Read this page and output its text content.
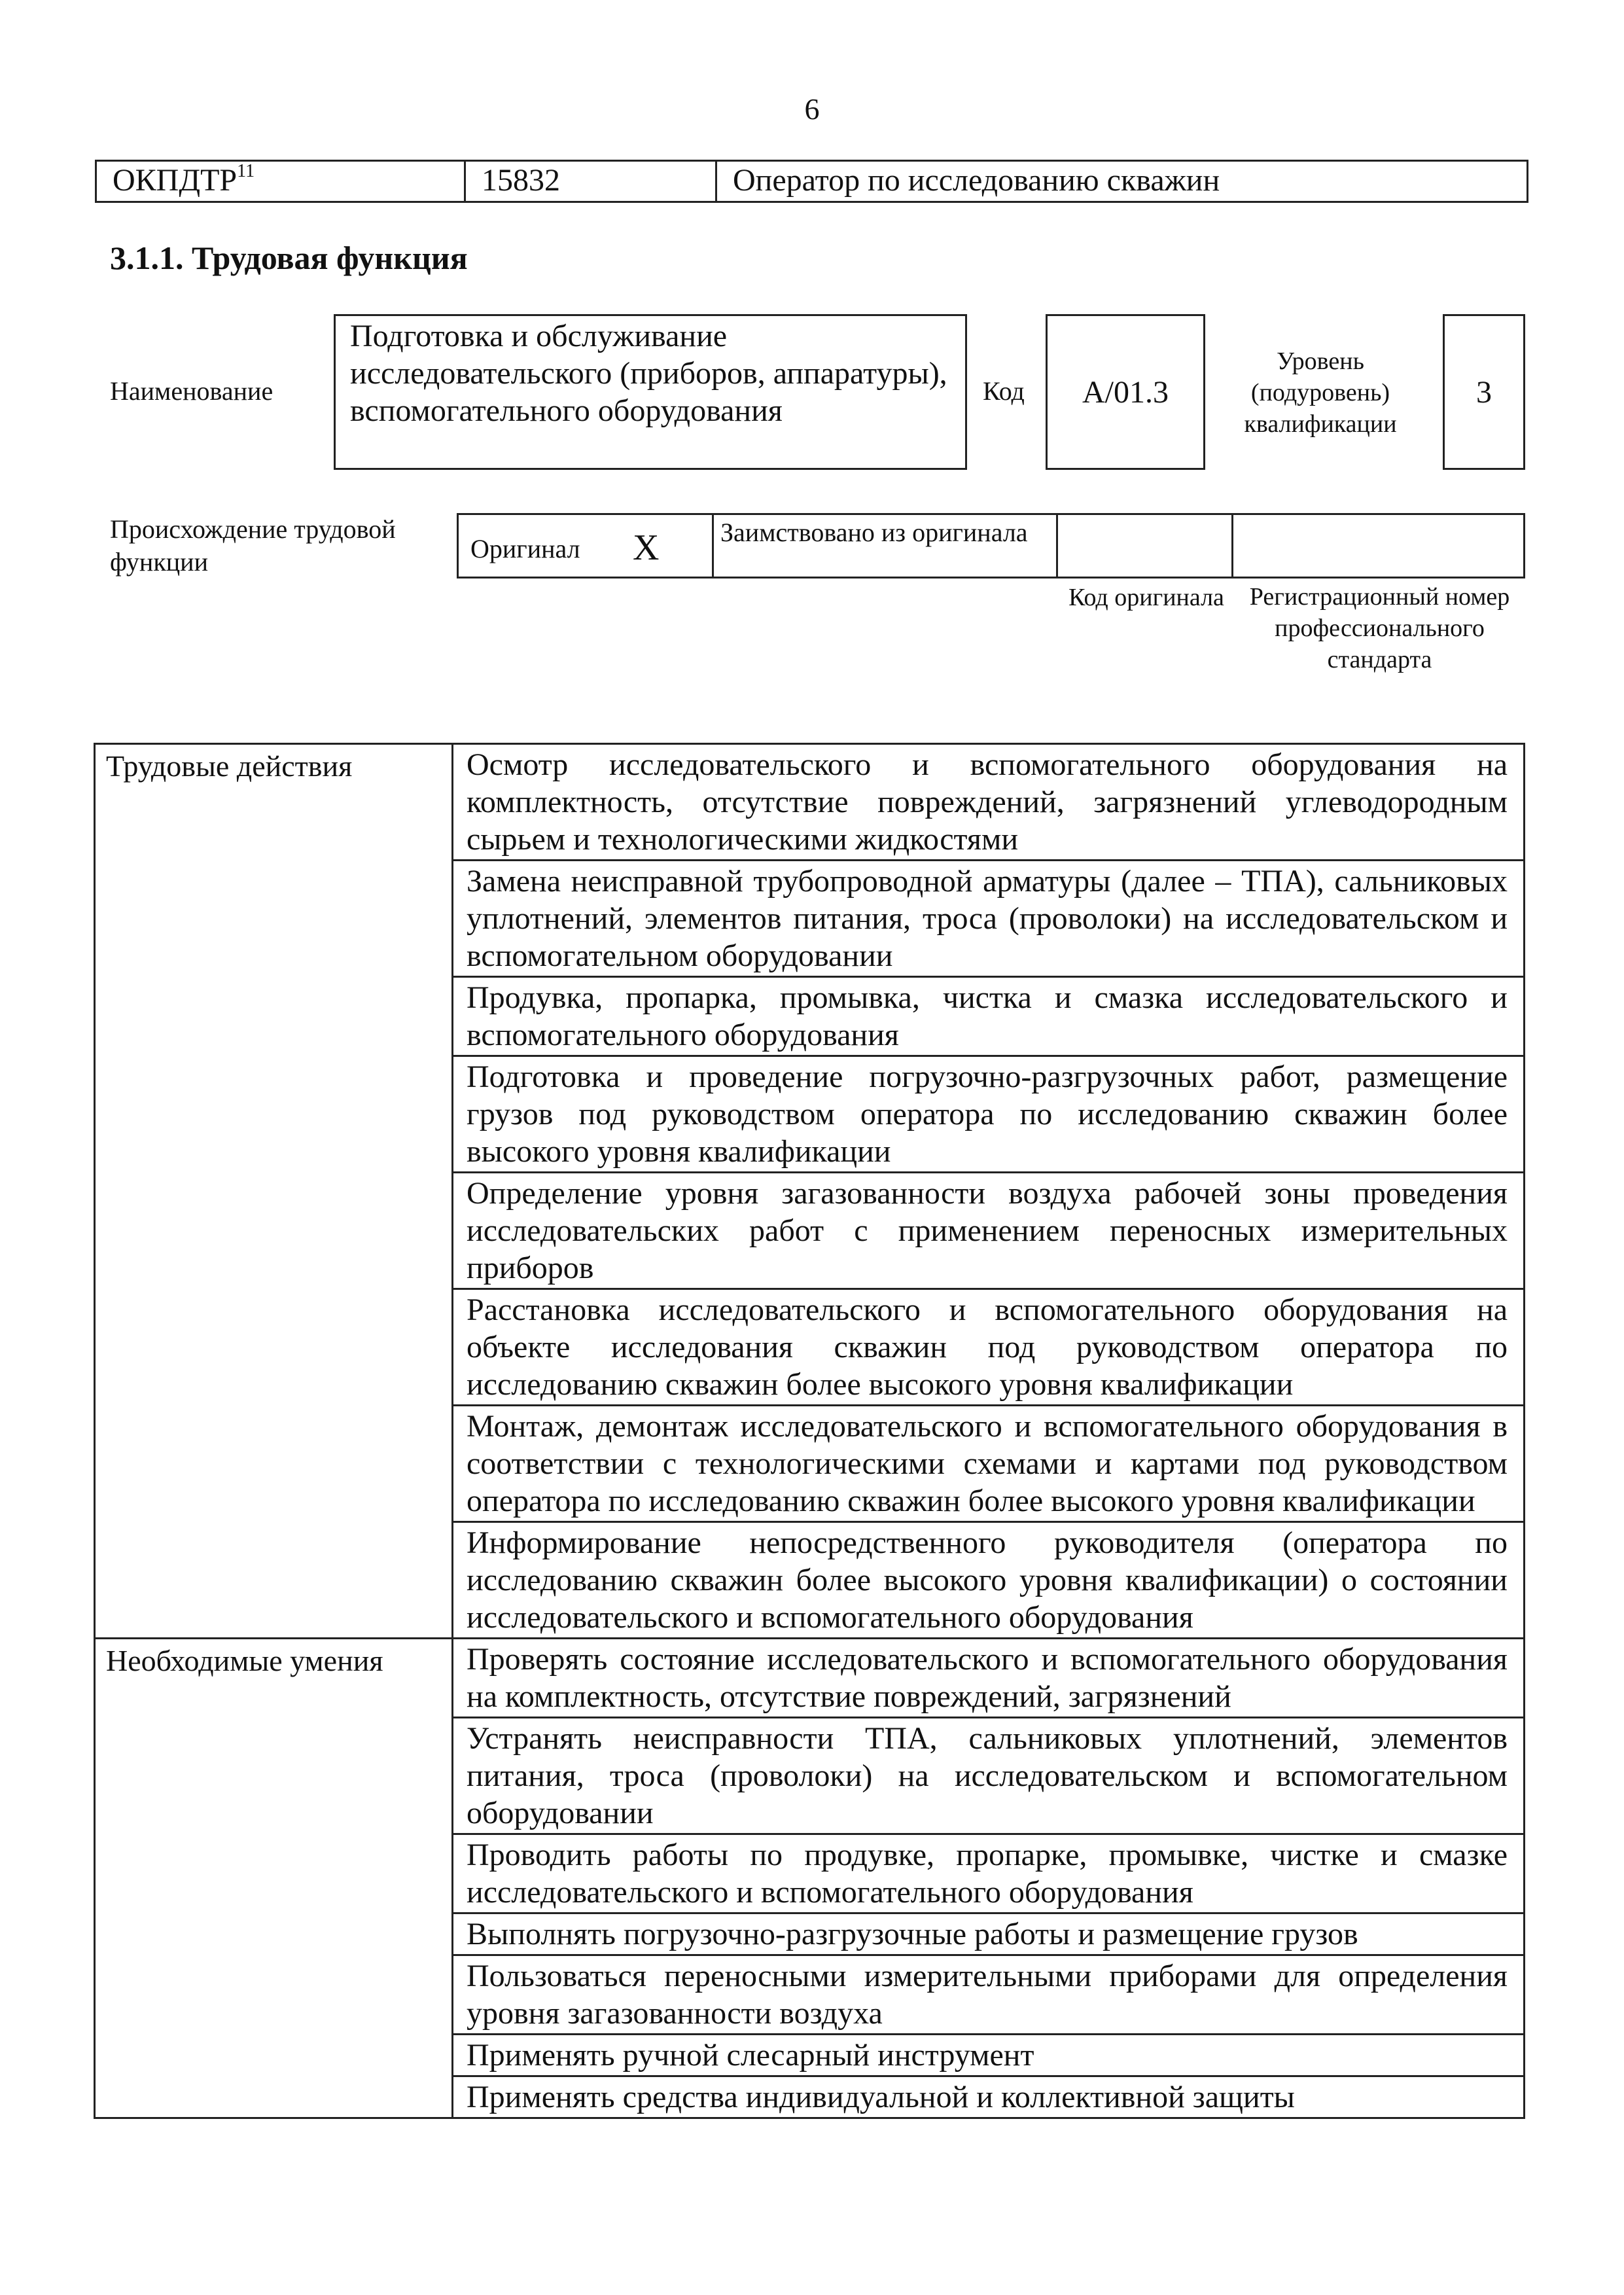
6
ОКПДТР$^{11}$	15832	Оператор по исследованию скважин
3.1.1. Трудовая функция
Наименование
Подготовка и обслуживание исследовательского (приборов, аппаратуры), вспомогательного оборудования
Код	А/01.3
Уровень (подуровень) квалификации
3
Происхождение трудовой функции	Оригинал X Заимствовано из оригинала
Код оригинала	Регистрационный номер профессионального стандарта
Трудовые действия	Осмотр исследовательского и вспомогательного оборудования на комплектность, отсутствие повреждений, загрязнений углеводородным сырьем и технологическими жидкостями
Замена неисправной трубопроводной арматуры (далее – ТПА), сальниковых уплотнений, элементов питания, троса (проволоки) на исследовательском и вспомогательном оборудовании
Продувка, пропарка, промывка, чистка и смазка исследовательского и вспомогательного оборудования
Подготовка и проведение погрузочно-разгрузочных работ, размещение грузов под руководством оператора по исследованию скважин более высокого уровня квалификации
Определение уровня загазованности воздуха рабочей зоны проведения исследовательских работ с применением переносных измерительных приборов
Расстановка исследовательского и вспомогательного оборудования на объекте исследования скважин под руководством оператора по исследованию скважин более высокого уровня квалификации
Монтаж, демонтаж исследовательского и вспомогательного оборудования в соответствии с технологическими схемами и картами под руководством оператора по исследованию скважин более высокого уровня квалификации
Информирование непосредственного руководителя (оператора по исследованию скважин более высокого уровня квалификации) о состоянии исследовательского и вспомогательного оборудования
Необходимые умения	Проверять состояние исследовательского и вспомогательного оборудования на комплектность, отсутствие повреждений, загрязнений
Устранять неисправности ТПА, сальниковых уплотнений, элементов питания, троса (проволоки) на исследовательском и вспомогательном оборудовании
Проводить работы по продувке, пропарке, промывке, чистке и смазке исследовательского и вспомогательного оборудования
Выполнять погрузочно-разгрузочные работы и размещение грузов
Пользоваться переносными измерительными приборами для определения уровня загазованности воздуха
Применять ручной слесарный инструмент
Применять средства индивидуальной и коллективной защиты
